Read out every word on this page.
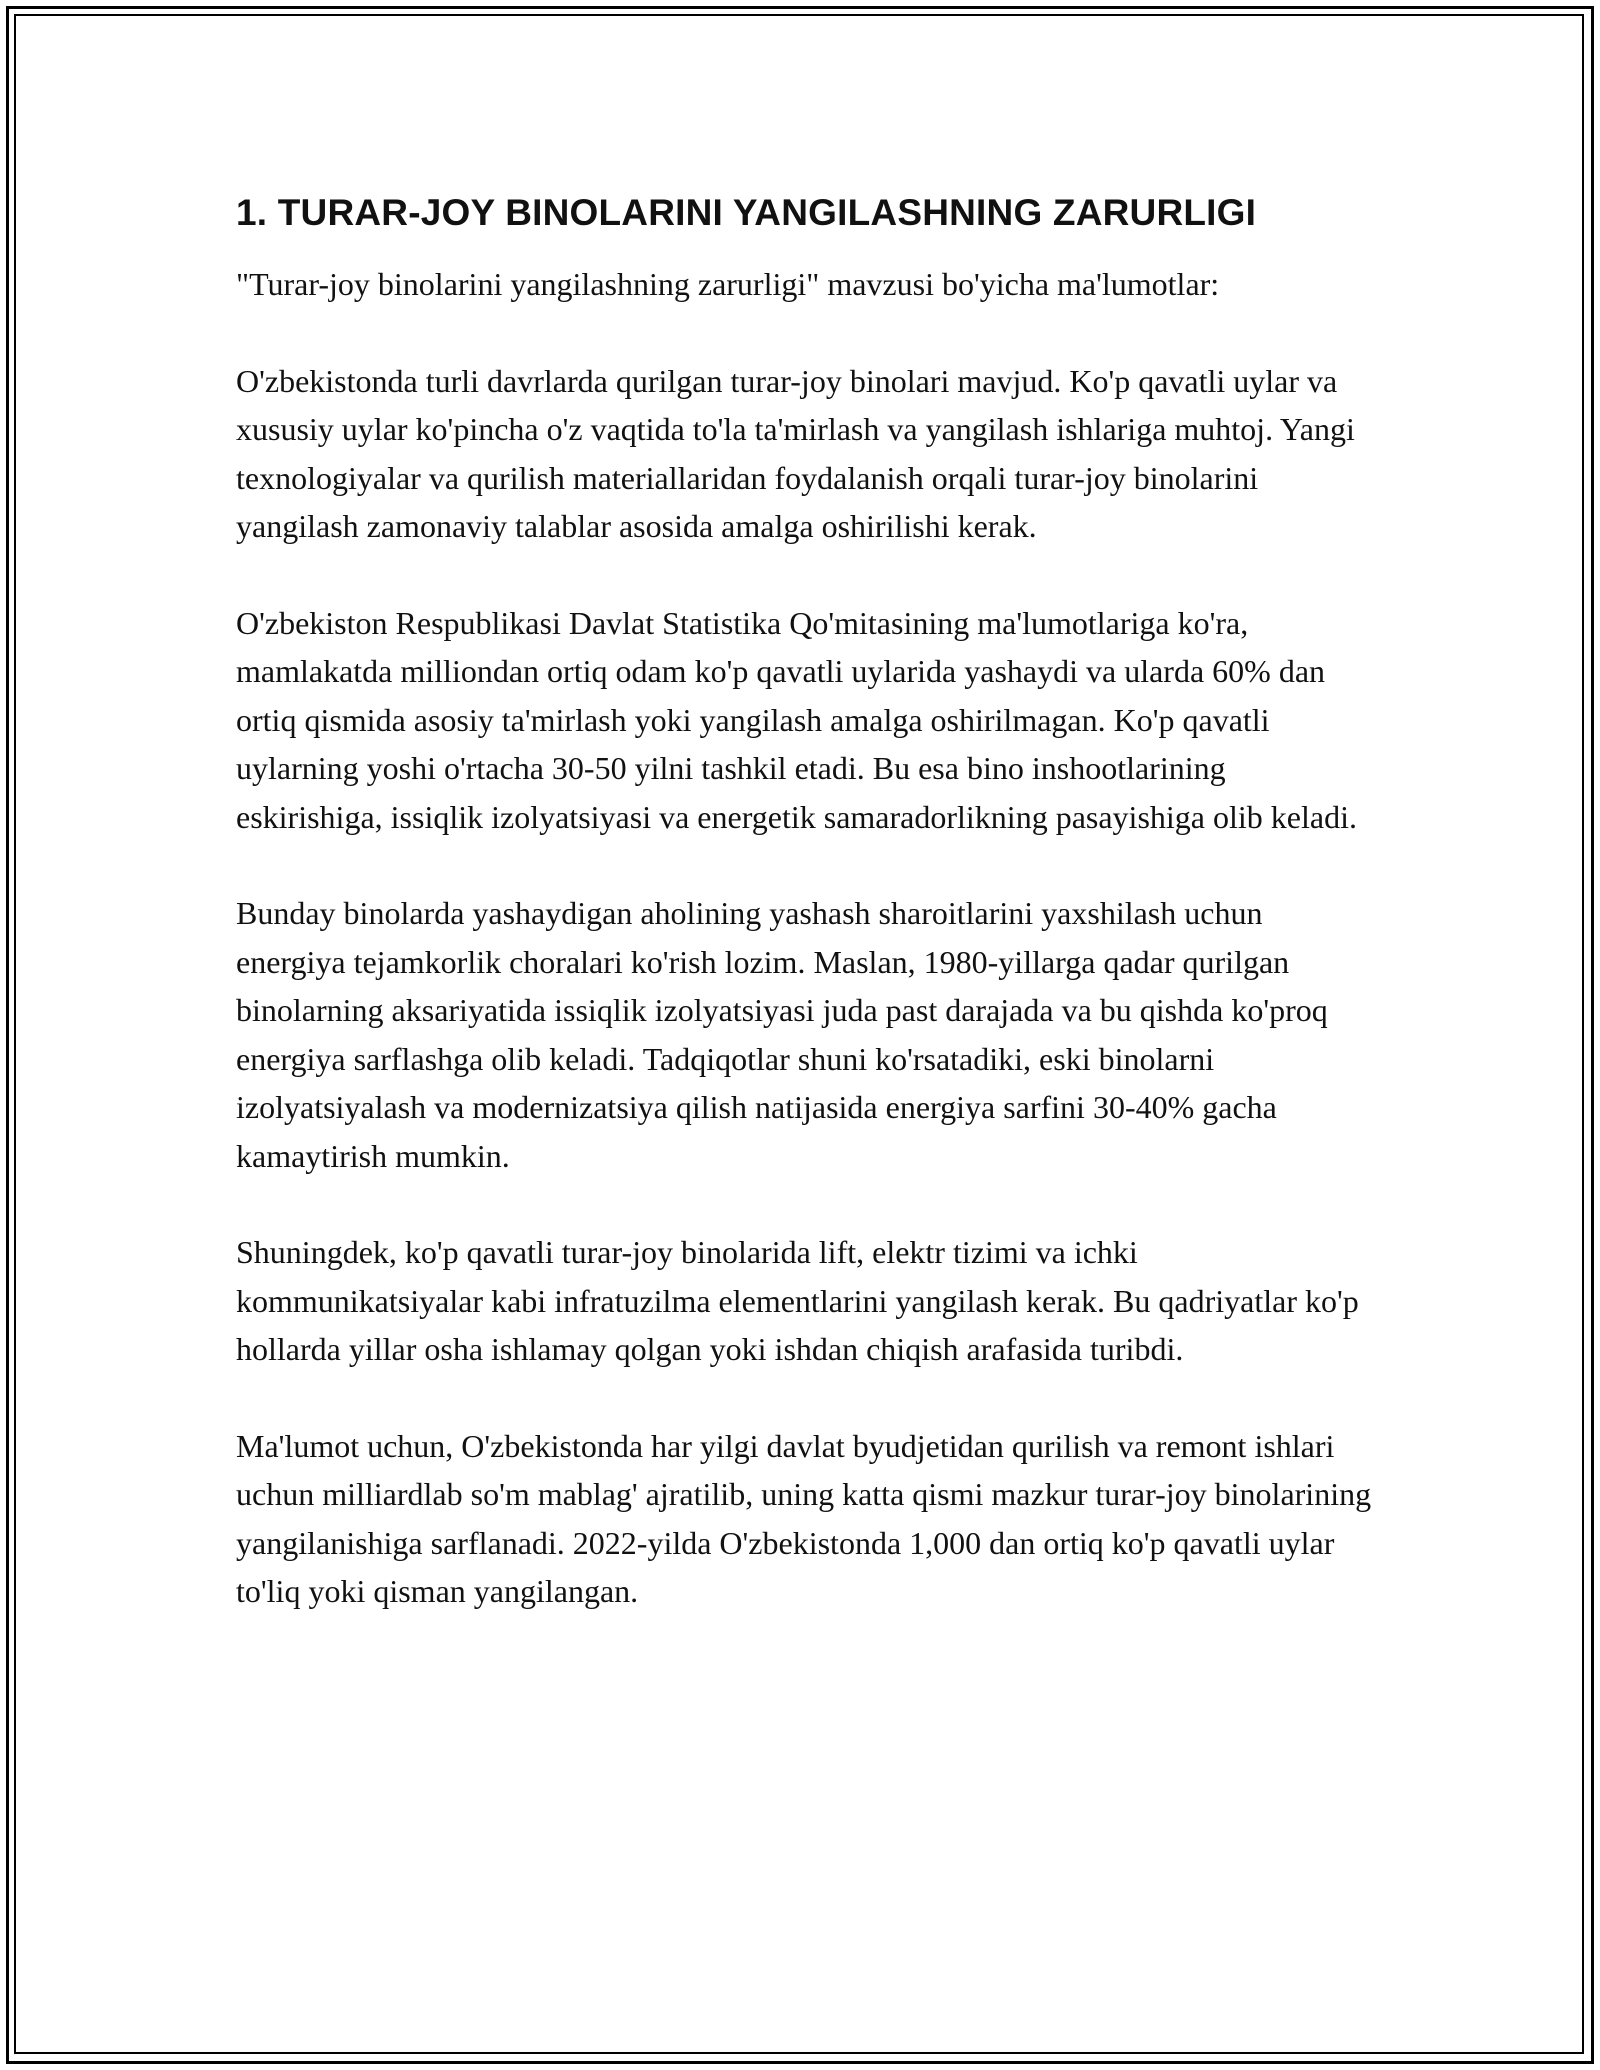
1. TURAR-JOY BINOLARINI YANGILASHNING ZARURLIGI

"Turar-joy binolarini yangilashning zarurligi" mavzusi bo'yicha ma'lumotlar:

O'zbekistonda turli davrlarda qurilgan turar-joy binolari mavjud. Ko'p qavatli uylar va xususiy uylar ko'pincha o'z vaqtida to'la ta'mirlash va yangilash ishlariga muhtoj. Yangi texnologiyalar va qurilish materiallaridan foydalanish orqali turar-joy binolarini yangilash zamonaviy talablar asosida amalga oshirilishi kerak.

O'zbekiston Respublikasi Davlat Statistika Qo'mitasining ma'lumotlariga ko'ra, mamlakatda milliondan ortiq odam ko'p qavatli uylarida yashaydi va ularda 60% dan ortiq qismida asosiy ta'mirlash yoki yangilash amalga oshirilmagan. Ko'p qavatli uylarning yoshi o'rtacha 30-50 yilni tashkil etadi. Bu esa bino inshootlarining eskirishiga, issiqlik izolyatsiyasi va energetik samaradorlikning pasayishiga olib keladi.

Bunday binolarda yashaydigan aholining yashash sharoitlarini yaxshilash uchun energiya tejamkorlik choralari ko'rish lozim. Maslan, 1980-yillarga qadar qurilgan binolarning aksariyatida issiqlik izolyatsiyasi juda past darajada va bu qishda ko'proq energiya sarflashga olib keladi. Tadqiqotlar shuni ko'rsatadiki, eski binolarni izolyatsiyalash va modernizatsiya qilish natijasida energiya sarfini 30-40% gacha kamaytirish mumkin.

Shuningdek, ko'p qavatli turar-joy binolarida lift, elektr tizimi va ichki kommunikatsiyalar kabi infratuzilma elementlarini yangilash kerak. Bu qadriyatlar ko'p hollarda yillar osha ishlamay qolgan yoki ishdan chiqish arafasida turibdi.

Ma'lumot uchun, O'zbekistonda har yilgi davlat byudjetidan qurilish va remont ishlari uchun milliardlab so'm mablag' ajratilib, uning katta qismi mazkur turar-joy binolarining yangilanishiga sarflanadi. 2022-yilda O'zbekistonda 1,000 dan ortiq ko'p qavatli uylar to'liq yoki qisman yangilangan.
